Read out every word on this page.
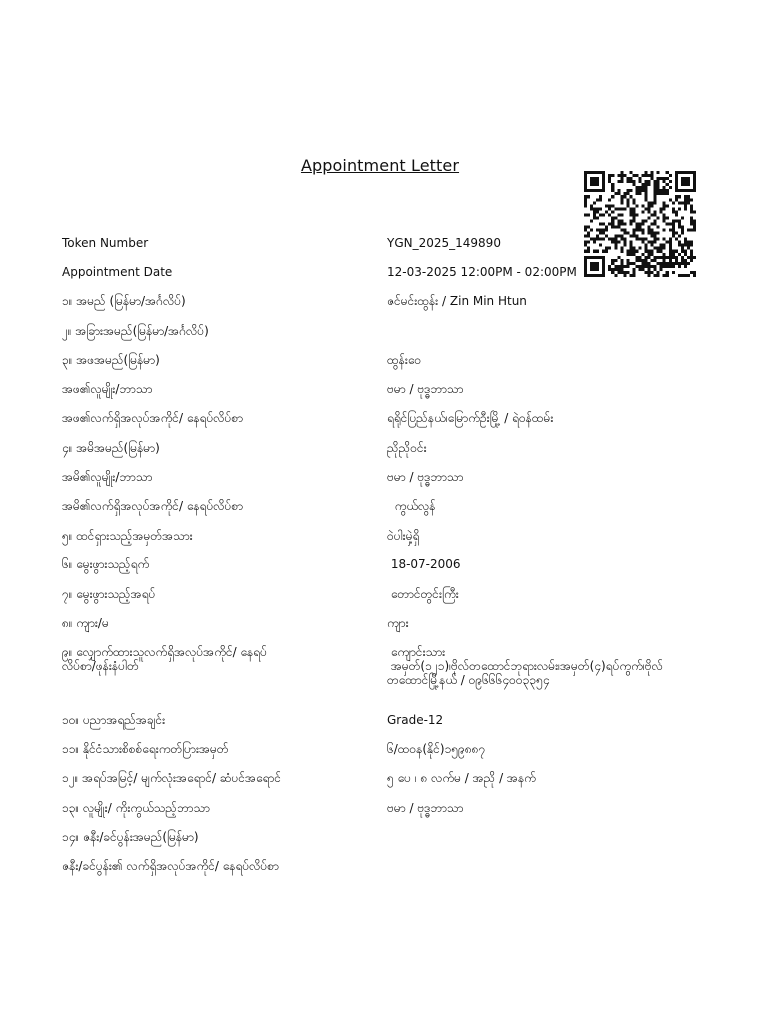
Appointment Letter
Token Number	YGN_2025_149890
Appointment Date	12-03-2025 12:00PM - 02:00PM
၁။ အမည် (မြန်မာ/အင်္ဂလိပ်)	ဇင်မင်းထွန်း / Zin Min Htun
၂။ အခြားအမည်(မြန်မာ/အင်္ဂလိပ်)
၃။ အဖအမည်(မြန်မာ)	ထွန်းဝေ
အဖ၏လူမျိုး/ဘာသာ	ဗမာ / ဗုဒ္ဓဘာသာ
အဖ၏လက်ရှိအလုပ်အကိုင်/ နေရပ်လိပ်စာ	ရရိုင်ပြည်နယ်၊မြောက်ဦးမြို့ / ရဲဝန်ထမ်း
၄။ အမိအမည်(မြန်မာ)	ညိုညိုဝင်း
အမိ၏လူမျိုး/ဘာသာ	ဗမာ / ဗုဒ္ဓဘာသာ
အမိ၏လက်ရှိအလုပ်အကိုင်/ နေရပ်လိပ်စာ	ကွယ်လွန်
၅။ ထင်ရှားသည့်အမှတ်အသား	ဝဲပါးမှဲ့ရှိ
၆။ မွေးဖွားသည့်ရက်	18-07-2006
၇။ မွေးဖွားသည့်အရပ်	တောင်တွင်းကြီး
၈။ ကျား/မ	ကျား
၉။ လျှောက်ထားသူလက်ရှိအလုပ်အကိုင်/ နေရပ်လိပ်စာ/ဖုန်းနံပါတ်
ကျောင်းသား
အမှတ်(၁၂၁)၊ဗိုလ်တထောင်ဘုရားလမ်း၊အမှတ်(၄)ရပ်ကွက်၊ဗိုလ်တထောင်မြို့နယ် / ၀၉၆၆၆၄၀၀၃၃၅၄
၁၀။ ပညာအရည်အချင်း	Grade-12
၁၁။ နိုင်ငံသားစိစစ်ရေးကတ်ပြားအမှတ်	၆/ထဝန(နိုင်)၁၅၉၈၈၇
၁၂။ အရပ်အမြင့်/ မျက်လုံးအရောင်/ ဆံပင်အရောင်	၅ ပေ ၊ ၈ လက်မ / အညို / အနက်
၁၃။ လူမျိုး/ ကိုးကွယ်သည့်ဘာသာ	ဗမာ / ဗုဒ္ဓဘာသာ
၁၄။ ဇနီး/ခင်ပွန်းအမည်(မြန်မာ)
ဇနီး/ခင်ပွန်း၏ လက်ရှိအလုပ်အကိုင်/ နေရပ်လိပ်စာ
